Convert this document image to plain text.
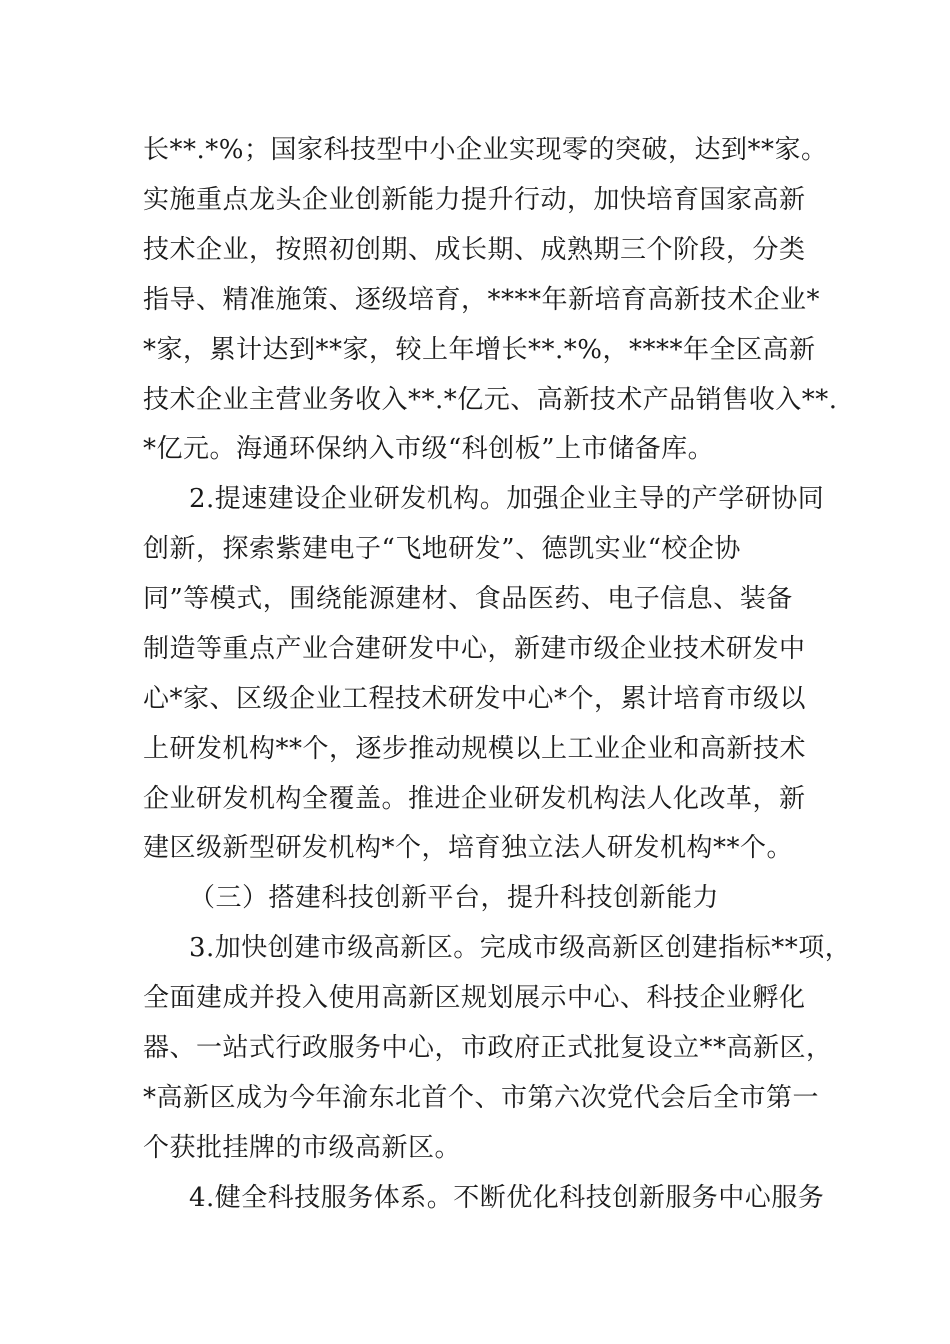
长**.*%；国家科技型中小企业实现零的突破，达到**家。
实施重点龙头企业创新能力提升行动，加快培育国家高新
技术企业，按照初创期、成长期、成熟期三个阶段，分类
指导、精准施策、逐级培育，****年新培育高新技术企业*
*家，累计达到**家，较上年增长**.*%，****年全区高新
技术企业主营业务收入**.*亿元、高新技术产品销售收入**.
*亿元。海通环保纳入市级“科创板”上市储备库。
2.提速建设企业研发机构。加强企业主导的产学研协同
创新，探索紫建电子“飞地研发”、德凯实业“校企协
同”等模式，围绕能源建材、食品医药、电子信息、装备
制造等重点产业合建研发中心，新建市级企业技术研发中
心*家、区级企业工程技术研发中心*个，累计培育市级以
上研发机构**个，逐步推动规模以上工业企业和高新技术
企业研发机构全覆盖。推进企业研发机构法人化改革，新
建区级新型研发机构*个，培育独立法人研发机构**个。
（三）搭建科技创新平台，提升科技创新能力
3.加快创建市级高新区。完成市级高新区创建指标**项，
全面建成并投入使用高新区规划展示中心、科技企业孵化
器、一站式行政服务中心，市政府正式批复设立**高新区，
*高新区成为今年渝东北首个、市第六次党代会后全市第一
个获批挂牌的市级高新区。
4.健全科技服务体系。不断优化科技创新服务中心服务
